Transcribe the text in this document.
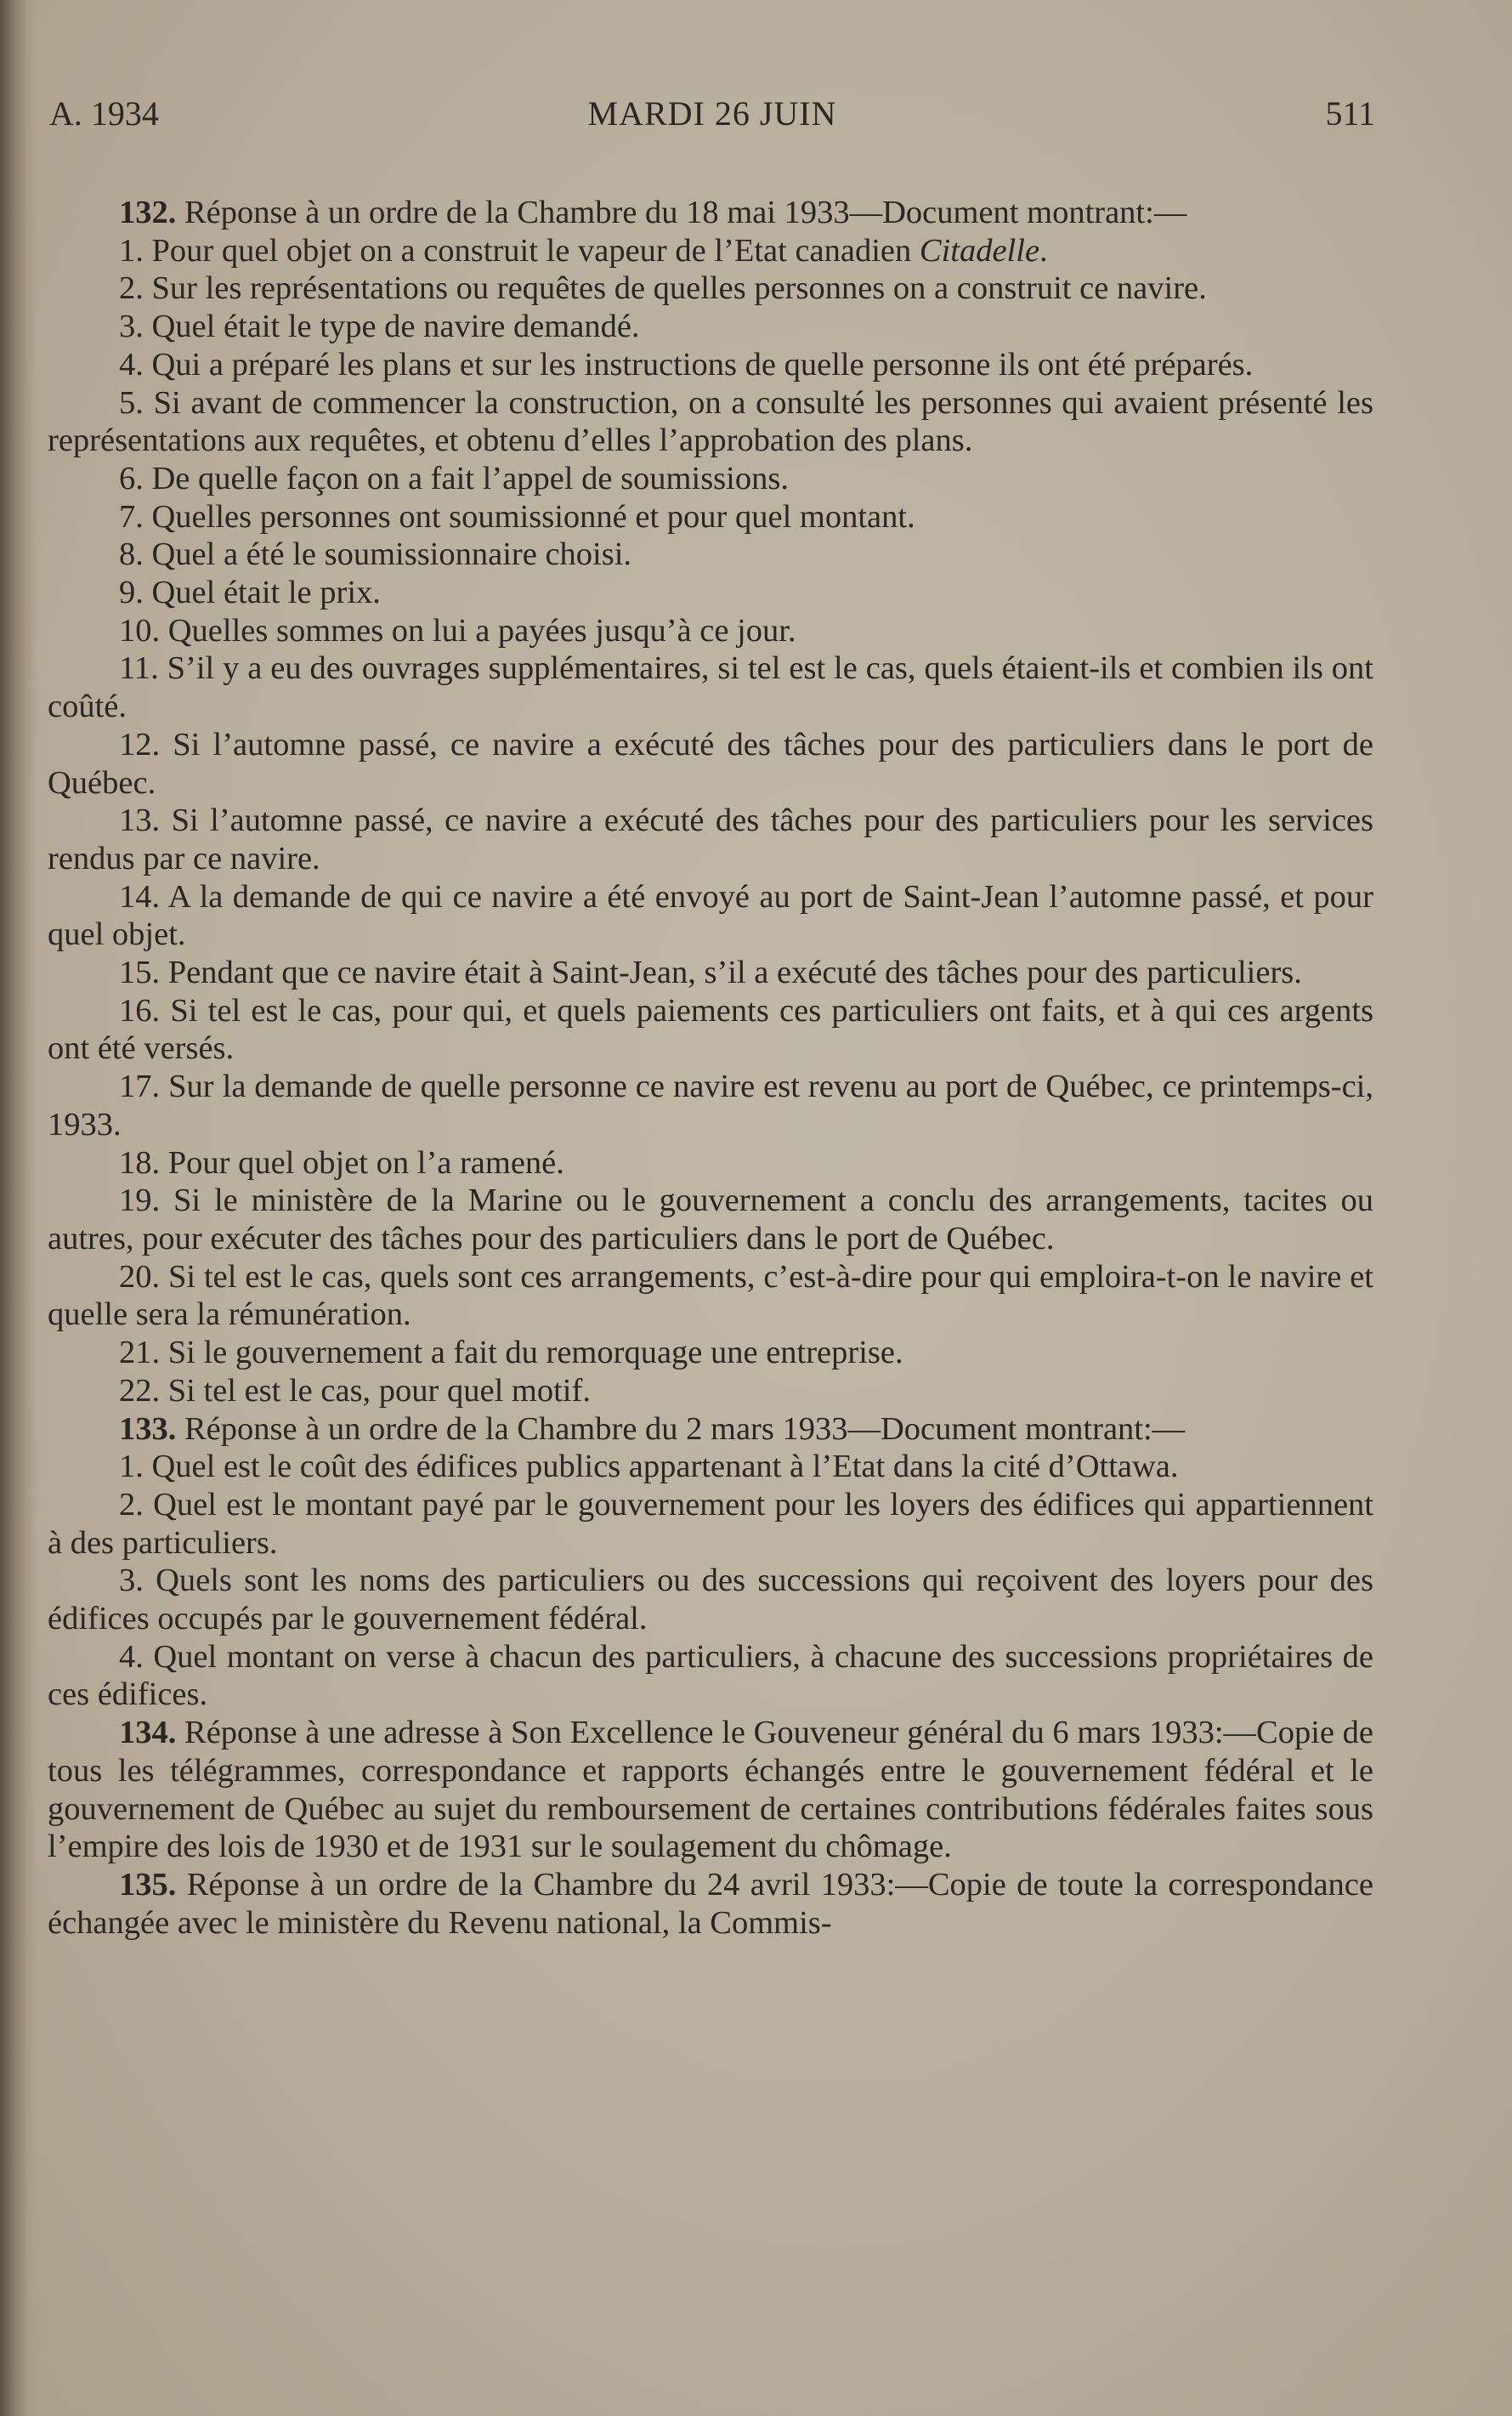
MARDI 26 JUIN
A. 1934	511

132. Réponse à un ordre de la Chambre du 18 mai 1933—Document montrant:—

1. Pour quel objet on a construit le vapeur de l’Etat canadien Citadelle.

2. Sur les représentations ou requêtes de quelles personnes on a construit ce navire.

3. Quel était le type de navire demandé.

4. Qui a préparé les plans et sur les instructions de quelle personne ils ont été préparés.

5. Si avant de commencer la construction, on a consulté les personnes qui avaient présenté les représentations aux requêtes, et obtenu d’elles l’approbation des plans.

6. De quelle façon on a fait l’appel de soumissions.

7. Quelles personnes ont soumissionné et pour quel montant.

8. Quel a été le soumissionnaire choisi.

9. Quel était le prix.

10. Quelles sommes on lui a payées jusqu’à ce jour.

11. S’il y a eu des ouvrages supplémentaires, si tel est le cas, quels étaient-ils et combien ils ont coûté.

12. Si l’automne passé, ce navire a exécuté des tâches pour des particuliers dans le port de Québec.

13. Si l’automne passé, ce navire a exécuté des tâches pour des particuliers pour les services rendus par ce navire.

14. A la demande de qui ce navire a été envoyé au port de Saint-Jean l’automne passé, et pour quel objet.

15. Pendant que ce navire était à Saint-Jean, s’il a exécuté des tâches pour des particuliers.

16. Si tel est le cas, pour qui, et quels paiements ces particuliers ont faits, et à qui ces argents ont été versés.

17. Sur la demande de quelle personne ce navire est revenu au port de Québec, ce printemps-ci, 1933.

18. Pour quel objet on l’a ramené.

19. Si le ministère de la Marine ou le gouvernement a conclu des arrangements, tacites ou autres, pour exécuter des tâches pour des particuliers dans le port de Québec.

20. Si tel est le cas, quels sont ces arrangements, c’est-à-dire pour qui emploira-t-on le navire et quelle sera la rémunération.

21. Si le gouvernement a fait du remorquage une entreprise.

22. Si tel est le cas, pour quel motif.

133. Réponse à un ordre de la Chambre du 2 mars 1933—Document montrant:—

1. Quel est le coût des édifices publics appartenant à l’Etat dans la cité d’Ottawa.

2. Quel est le montant payé par le gouvernement pour les loyers des édifices qui appartiennent à des particuliers.

3. Quels sont les noms des particuliers ou des successions qui reçoivent des loyers pour des édifices occupés par le gouvernement fédéral.

4. Quel montant on verse à chacun des particuliers, à chacune des successions propriétaires de ces édifices.

134. Réponse à une adresse à Son Excellence le Gouveneur général du 6 mars 1933:—Copie de tous les télégrammes, correspondance et rapports échangés entre le gouvernement fédéral et le gouvernement de Québec au sujet du remboursement de certaines contributions fédérales faites sous l’empire des lois de 1930 et de 1931 sur le soulagement du chômage.

135. Réponse à un ordre de la Chambre du 24 avril 1933:—Copie de toute la correspondance échangée avec le ministère du Revenu national, la Commis-
